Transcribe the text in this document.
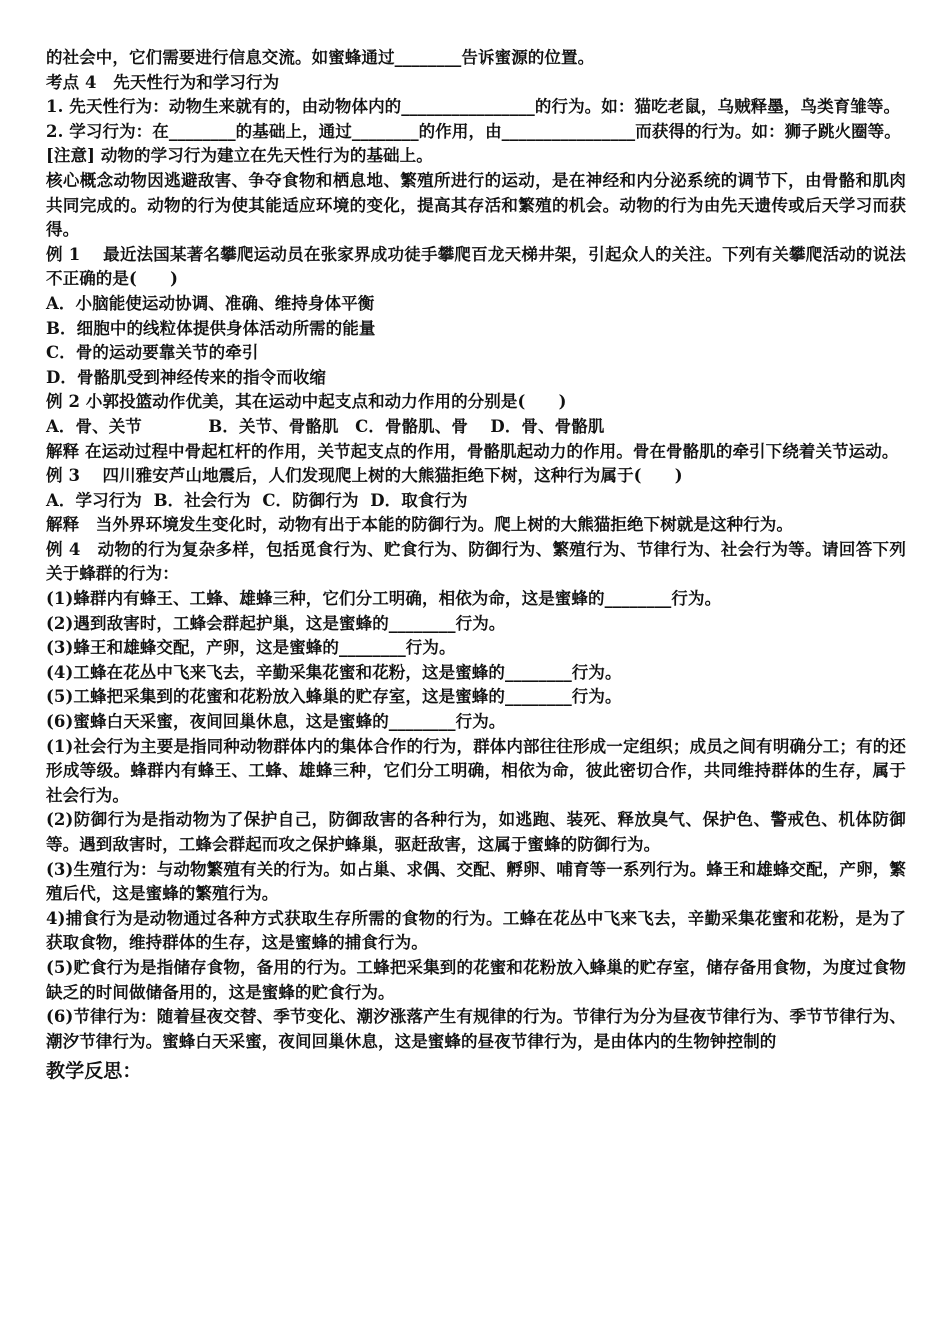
的社会中，它们需要进行信息交流。如蜜蜂通过________告诉蜜源的位置。

考点 4　先天性行为和学习行为

1. 先天性行为：动物生来就有的，由动物体内的________________的行为。如：猫吃老鼠，乌贼释墨，鸟类育雏等。

2. 学习行为：在________的基础上，通过________的作用，由________________而获得的行为。如：狮子跳火圈等。

[注意] 动物的学习行为建立在先天性行为的基础上。

核心概念动物因逃避敌害、争夺食物和栖息地、繁殖所进行的运动，是在神经和内分泌系统的调节下，由骨骼和肌肉共同完成的。动物的行为使其能适应环境的变化，提高其存活和繁殖的机会。动物的行为由先天遗传或后天学习而获得。

例 1　 最近法国某著名攀爬运动员在张家界成功徒手攀爬百龙天梯井架，引起众人的关注。下列有关攀爬活动的说法不正确的是(　　)

A．小脑能使运动协调、准确、维持身体平衡

B．细胞中的线粒体提供身体活动所需的能量

C．骨的运动要靠关节的牵引

D．骨骼肌受到神经传来的指令而收缩

例 2 小郭投篮动作优美，其在运动中起支点和动力作用的分别是(　　)

A．骨、关节　　　　B．关节、骨骼肌　C．骨骼肌、骨　 D．骨、骨骼肌

解释 在运动过程中骨起杠杆的作用，关节起支点的作用，骨骼肌起动力的作用。骨在骨骼肌的牵引下绕着关节运动。

例 3　 四川雅安芦山地震后，人们发现爬上树的大熊猫拒绝下树，这种行为属于(　　)

A．学习行为  B．社会行为  C．防御行为  D．取食行为

解释　当外界环境发生变化时，动物有出于本能的防御行为。爬上树的大熊猫拒绝下树就是这种行为。

例 4　动物的行为复杂多样，包括觅食行为、贮食行为、防御行为、繁殖行为、节律行为、社会行为等。请回答下列关于蜂群的行为：

(1)蜂群内有蜂王、工蜂、雄蜂三种，它们分工明确，相依为命，这是蜜蜂的________行为。

(2)遇到敌害时，工蜂会群起护巢，这是蜜蜂的________行为。

(3)蜂王和雄蜂交配，产卵，这是蜜蜂的________行为。

(4)工蜂在花丛中飞来飞去，辛勤采集花蜜和花粉，这是蜜蜂的________行为。

(5)工蜂把采集到的花蜜和花粉放入蜂巢的贮存室，这是蜜蜂的________行为。

(6)蜜蜂白天采蜜，夜间回巢休息，这是蜜蜂的________行为。

(1)社会行为主要是指同种动物群体内的集体合作的行为，群体内部往往形成一定组织；成员之间有明确分工；有的还形成等级。蜂群内有蜂王、工蜂、雄蜂三种，它们分工明确，相依为命，彼此密切合作，共同维持群体的生存，属于社会行为。

(2)防御行为是指动物为了保护自己，防御敌害的各种行为，如逃跑、装死、释放臭气、保护色、警戒色、机体防御等。遇到敌害时，工蜂会群起而攻之保护蜂巢，驱赶敌害，这属于蜜蜂的防御行为。

(3)生殖行为：与动物繁殖有关的行为。如占巢、求偶、交配、孵卵、哺育等一系列行为。蜂王和雄蜂交配，产卵，繁殖后代，这是蜜蜂的繁殖行为。

4)捕食行为是动物通过各种方式获取生存所需的食物的行为。工蜂在花丛中飞来飞去，辛勤采集花蜜和花粉，是为了获取食物，维持群体的生存，这是蜜蜂的捕食行为。

(5)贮食行为是指储存食物，备用的行为。工蜂把采集到的花蜜和花粉放入蜂巢的贮存室，储存备用食物，为度过食物缺乏的时间做储备用的，这是蜜蜂的贮食行为。

(6)节律行为：随着昼夜交替、季节变化、潮汐涨落产生有规律的行为。节律行为分为昼夜节律行为、季节节律行为、潮汐节律行为。蜜蜂白天采蜜，夜间回巢休息，这是蜜蜂的昼夜节律行为，是由体内的生物钟控制的

教学反思：
